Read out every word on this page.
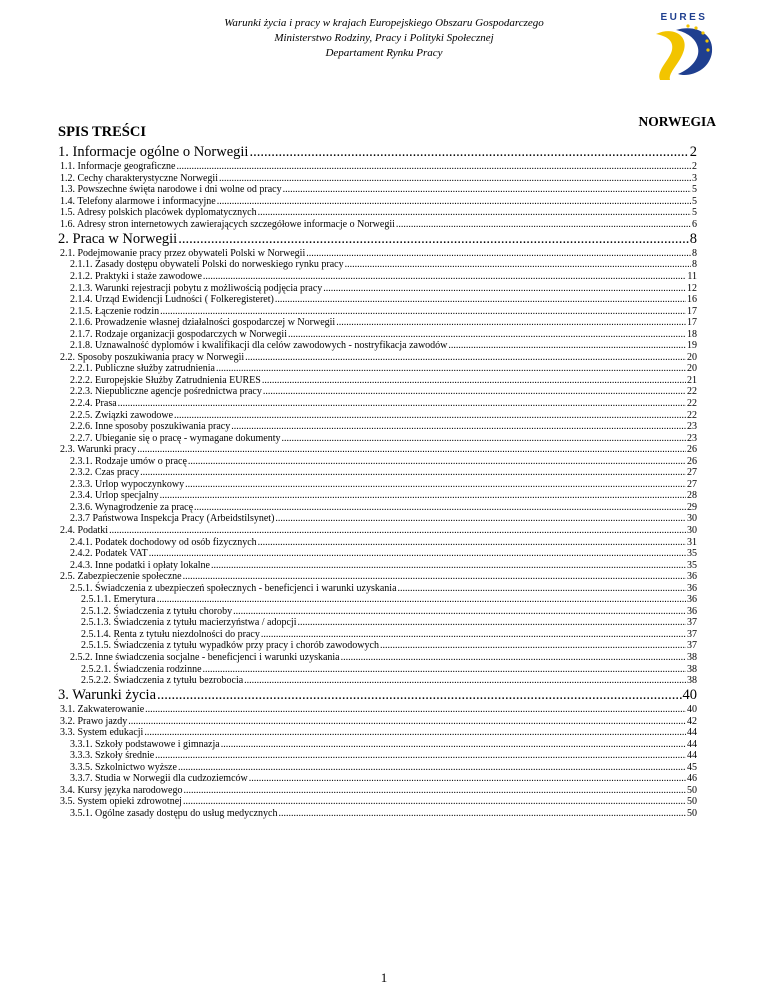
Warunki życia i pracy w krajach Europejskiego Obszaru Gospodarczego
Ministerstwo Rodziny, Pracy i Polityki Społecznej
Departament Rynku Pracy
EURES
NORWEGIA
SPIS TREŚCI
1. Informacje ogólne o Norwegii .....	2
1.1. Informacje geograficzne .....	2
1.2. Cechy charakterystyczne Norwegii .....	3
1.3. Powszechne święta narodowe i dni wolne od pracy .....	5
1.4. Telefony alarmowe i informacyjne .....	5
1.5. Adresy polskich placówek dyplomatycznych .....	5
1.6. Adresy stron internetowych zawierających szczegółowe informacje o Norwegii .....	6
2. Praca w Norwegii .....	8
2.1. Podejmowanie pracy przez obywateli Polski w Norwegii .....	8
2.1.1. Zasady dostępu obywateli Polski do norweskiego rynku pracy .....	8
2.1.2. Praktyki i staże zawodowe .....	11
2.1.3. Warunki rejestracji pobytu z możliwością podjęcia pracy .....	12
2.1.4. Urząd Ewidencji Ludności ( Folkeregisteret) .....	16
2.1.5. Łączenie rodzin .....	17
2.1.6. Prowadzenie własnej działalności gospodarczej w Norwegii .....	17
2.1.7. Rodzaje organizacji gospodarczych w Norwegii .....	18
2.1.8. Uznawalność dyplomów i kwalifikacji dla celów zawodowych - nostryfikacja zawodów .....	19
2.2. Sposoby poszukiwania pracy w Norwegii .....	20
2.2.1. Publiczne służby zatrudnienia .....	20
2.2.2. Europejskie Służby Zatrudnienia EURES .....	21
2.2.3. Niepubliczne agencje pośrednictwa pracy .....	22
2.2.4. Prasa .....	22
2.2.5. Związki zawodowe .....	22
2.2.6. Inne sposoby poszukiwania pracy .....	23
2.2.7. Ubieganie się o pracę - wymagane dokumenty .....	23
2.3. Warunki pracy .....	26
2.3.1. Rodzaje umów o pracę .....	26
2.3.2. Czas pracy .....	27
2.3.3. Urlop wypoczynkowy .....	27
2.3.4. Urlop specjalny .....	28
2.3.6. Wynagrodzenie za pracę .....	29
2.3.7 Państwowa Inspekcja Pracy (Arbeidstilsynet) .....	30
2.4. Podatki .....	30
2.4.1. Podatek dochodowy od osób fizycznych .....	31
2.4.2. Podatek VAT .....	35
2.4.3. Inne podatki i opłaty lokalne .....	35
2.5. Zabezpieczenie społeczne .....	36
2.5.1. Świadczenia z ubezpieczeń społecznych - beneficjenci i warunki uzyskania .....	36
2.5.1.1. Emerytura .....	36
2.5.1.2. Świadczenia z tytułu choroby .....	36
2.5.1.3. Świadczenia z tytułu macierzyństwa / adopcji .....	37
2.5.1.4. Renta z tytułu niezdolności do pracy .....	37
2.5.1.5. Świadczenia z tytułu wypadków przy pracy i chorób zawodowych .....	37
2.5.2. Inne świadczenia socjalne - beneficjenci i warunki uzyskania .....	38
2.5.2.1. Świadczenia rodzinne .....	38
2.5.2.2. Świadczenia z tytułu bezrobocia .....	38
3. Warunki życia .....	40
3.1. Zakwaterowanie .....	40
3.2. Prawo jazdy .....	42
3.3. System edukacji .....	44
3.3.1. Szkoły podstawowe i gimnazja .....	44
3.3.3. Szkoły średnie .....	44
3.3.5. Szkolnictwo wyższe .....	45
3.3.7. Studia w Norwegii dla cudzoziemców .....	46
3.4. Kursy języka narodowego .....	50
3.5. System opieki zdrowotnej .....	50
3.5.1. Ogólne zasady dostępu do usług medycznych .....	50
1
